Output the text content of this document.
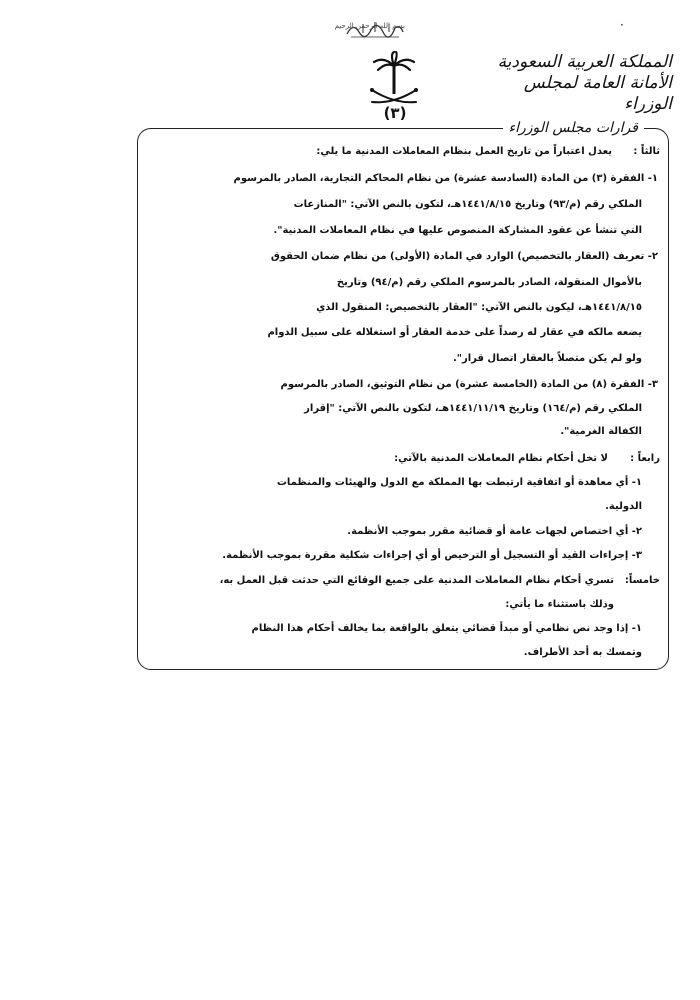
·
(٣)
المملكة العربية السعودية
الأمانة العامة لمجلس الوزراء
قرارات مجلس الوزراء
ثالثاً :
يعدل اعتباراً من تاريخ العمل بنظام المعاملات المدنية ما يلي:
١- الفقرة (٣) من المادة (السادسة عشرة) من نظام المحاكم التجارية، الصادر بالمرسوم
الملكي رقم (م/٩٣) وتاريخ ١٤٤١/٨/١٥هـ، لتكون بالنص الآتي: "المنازعات
التي تنشأ عن عقود المشاركة المنصوص عليها في نظام المعاملات المدنية".
٢- تعريف (العقار بالتخصيص) الوارد في المادة (الأولى) من نظام ضمان الحقوق
بالأموال المنقولة، الصادر بالمرسوم الملكي رقم (م/٩٤) وتاريخ
١٤٤١/٨/١٥هـ، ليكون بالنص الآتي: "العقار بالتخصيص: المنقول الذي
يضعه مالكه في عقار له رصداً على خدمة العقار أو استغلاله على سبيل الدوام
ولو لم يكن متصلاً بالعقار اتصال قرار".
٣- الفقرة (٨) من المادة (الخامسة عشرة) من نظام التوثيق، الصادر بالمرسوم
الملكي رقم (م/١٦٤) وتاريخ ١٤٤١/١١/١٩هـ، لتكون بالنص الآتي: "إقرار
الكفالة الغرمية".
رابعاً :
لا تخل أحكام نظام المعاملات المدنية بالآتي:
١- أي معاهدة أو اتفاقية ارتبطت بها المملكة مع الدول والهيئات والمنظمات
الدولية.
٢- أي اختصاص لجهات عامة أو قضائية مقرر بموجب الأنظمة.
٣- إجراءات القيد أو التسجيل أو الترخيص أو أي إجراءات شكلية مقررة بموجب الأنظمة.
خامساً:
تسري أحكام نظام المعاملات المدنية على جميع الوقائع التي حدثت قبل العمل به،
وذلك باستثناء ما يأتي:
١- إذا وجد نص نظامي أو مبدأ قضائي يتعلق بالواقعة بما يخالف أحكام هذا النظام
وتمسك به أحد الأطراف.
بسم الله الرحمن الرحيم
